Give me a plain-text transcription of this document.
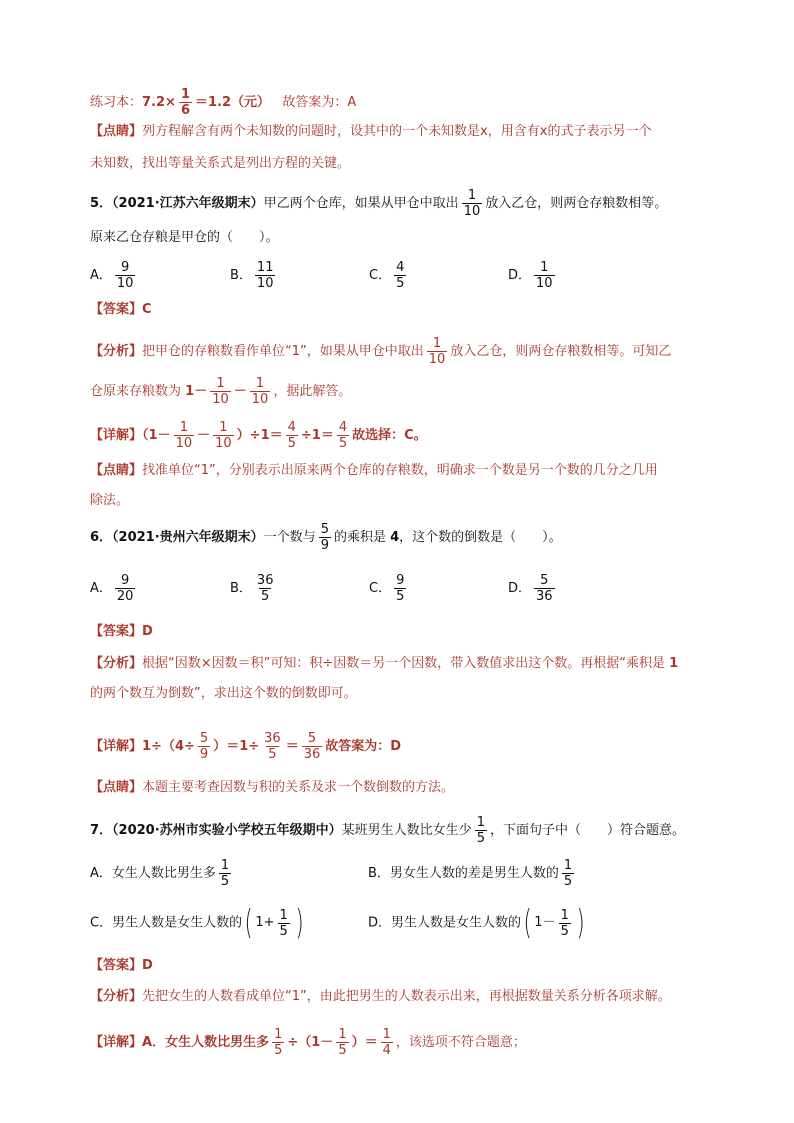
练习本：$7.2\times \frac{1}{6} =1.2$（元） 故答案为：A
【点睛】列方程解含有两个未知数的问题时，设其中的一个未知数是x，用含有x的式子表示另一个
未知数，找出等量关系式是列出方程的关键。
5．（2021·江苏六年级期末）甲乙两个仓库，如果从甲仓中取出 $\frac{1}{10}$ 放入乙仓，则两仓存粮数相等。
原来乙仓存粮是甲仓的（　　）。
A． $\frac{9}{10}$	B． $\frac{11}{10}$	C． $\frac{4}{5}$	D． $\frac{1}{10}$
【答案】C
【分析】把甲仓的存粮数看作单位“1”，如果从甲仓中取出 $\frac{1}{10}$ 放入乙仓，则两仓存粮数相等。可知乙
仓原来存粮数为 $1- \frac{1}{10} - \frac{1}{10}$ ，据此解答。
【详解】$(1- \frac{1}{10} - \frac{1}{10} )\div 1= \frac{4}{5} \div 1= \frac{4}{5}$ 故选择：C。
【点睛】找准单位“1”，分别表示出原来两个仓库的存粮数，明确求一个数是另一个数的几分之几用
除法。
6．（2021·贵州六年级期末）一个数与 $\frac{5}{9}$ 的乘积是 4，这个数的倒数是（　　）。
A． $\frac{9}{20}$	B． $\frac{36}{5}$	C． $\frac{9}{5}$	D． $\frac{5}{36}$
【答案】D
【分析】根据“因数×因数＝积”可知：积÷因数＝另一个因数，带入数值求出这个数。再根据“乘积是 1
的两个数互为倒数”，求出这个数的倒数即可。
【详解】$1\div(4\div \frac{5}{9} )=1\div \frac{36}{5} = \frac{5}{36}$ 故答案为：D
【点睛】本题主要考查因数与积的关系及求一个数倒数的方法。
7．（2020·苏州市实验小学校五年级期中）某班男生人数比女生少 $\frac{1}{5}$ ，下面句子中（　　）符合题意。
A．女生人数比男生多 $\frac{1}{5}$	B．男女生人数的差是男生人数的 $\frac{1}{5}$
C．男生人数是女生人数的 ( $1+ \frac{1}{5}$ )	D．男生人数是女生人数的 ( $1- \frac{1}{5}$ )
【答案】D
【分析】先把女生的人数看成单位“1”，由此把男生的人数表示出来，再根据数量关系分析各项求解。
【详解】A．女生人数比男生多 $\frac{1}{5} \div(1- \frac{1}{5}$ ）＝ $\frac{1}{4}$ ，该选项不符合题意；
